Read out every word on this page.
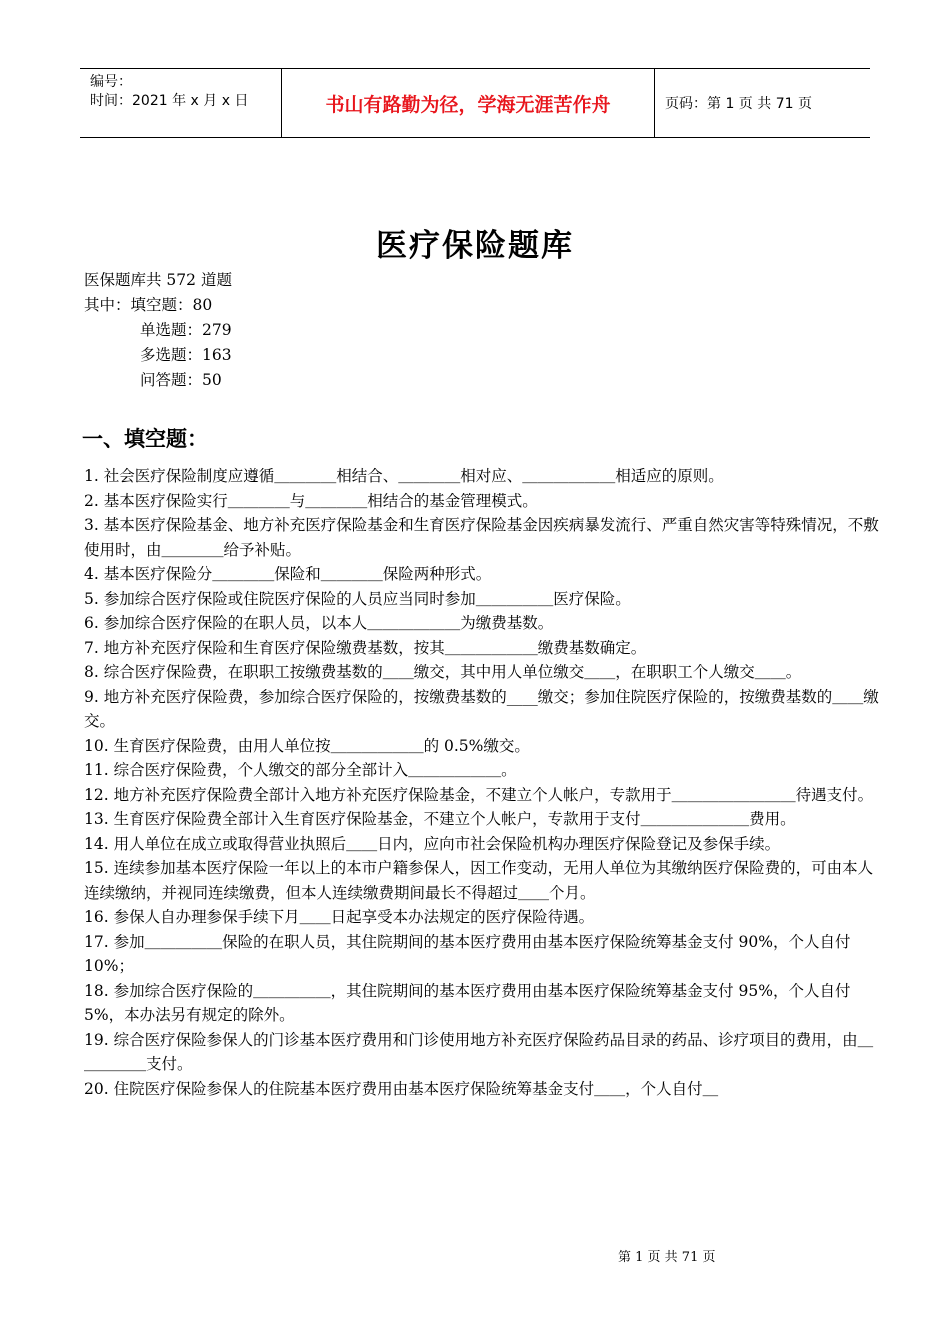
编号：
时间：2021 年 x 月 x 日	书山有路勤为径，学海无涯苦作舟	页码：第 1 页 共 71 页
医疗保险题库
医保题库共 572 道题
其中：填空题：80
单选题：279
多选题：163
问答题：50
一、填空题：

1. 社会医疗保险制度应遵循＿＿＿＿相结合、＿＿＿＿相对应、＿＿＿＿＿＿相适应的原则。

2. 基本医疗保险实行＿＿＿＿与＿＿＿＿相结合的基金管理模式。

3. 基本医疗保险基金、地方补充医疗保险基金和生育医疗保险基金因疾病暴发流行、严重自然灾害等特殊情况，不敷使用时，由＿＿＿＿给予补贴。

4. 基本医疗保险分＿＿＿＿保险和＿＿＿＿保险两种形式。

5. 参加综合医疗保险或住院医疗保险的人员应当同时参加＿＿＿＿＿医疗保险。

6. 参加综合医疗保险的在职人员，以本人＿＿＿＿＿＿为缴费基数。

7. 地方补充医疗保险和生育医疗保险缴费基数，按其＿＿＿＿＿＿缴费基数确定。

8. 综合医疗保险费，在职职工按缴费基数的＿＿缴交，其中用人单位缴交＿＿，在职职工个人缴交＿＿。

9. 地方补充医疗保险费，参加综合医疗保险的，按缴费基数的____缴交；参加住院医疗保险的，按缴费基数的＿＿缴交。

10. 生育医疗保险费，由用人单位按＿＿＿＿＿＿的 0.5%缴交。

11. 综合医疗保险费，个人缴交的部分全部计入＿＿＿＿＿＿。

12. 地方补充医疗保险费全部计入地方补充医疗保险基金，不建立个人帐户，专款用于＿＿＿＿＿＿＿＿待遇支付。

13. 生育医疗保险费全部计入生育医疗保险基金，不建立个人帐户，专款用于支付＿＿＿＿＿＿＿费用。

14. 用人单位在成立或取得营业执照后＿＿日内，应向市社会保险机构办理医疗保险登记及参保手续。

15. 连续参加基本医疗保险一年以上的本市户籍参保人，因工作变动，无用人单位为其缴纳医疗保险费的，可由本人连续缴纳，并视同连续缴费，但本人连续缴费期间最长不得超过＿＿个月。

16. 参保人自办理参保手续下月＿＿日起享受本办法规定的医疗保险待遇。

17. 参加＿＿＿＿＿保险的在职人员，其住院期间的基本医疗费用由基本医疗保险统筹基金支付 90%，个人自付 10%；

18. 参加综合医疗保险的＿＿＿＿＿，其住院期间的基本医疗费用由基本医疗保险统筹基金支付 95%，个人自付 5%，本办法另有规定的除外。

19. 综合医疗保险参保人的门诊基本医疗费用和门诊使用地方补充医疗保险药品目录的药品、诊疗项目的费用，由＿＿＿＿＿支付。

20. 住院医疗保险参保人的住院基本医疗费用由基本医疗保险统筹基金支付＿＿，个人自付＿

第 1 页 共 71 页
